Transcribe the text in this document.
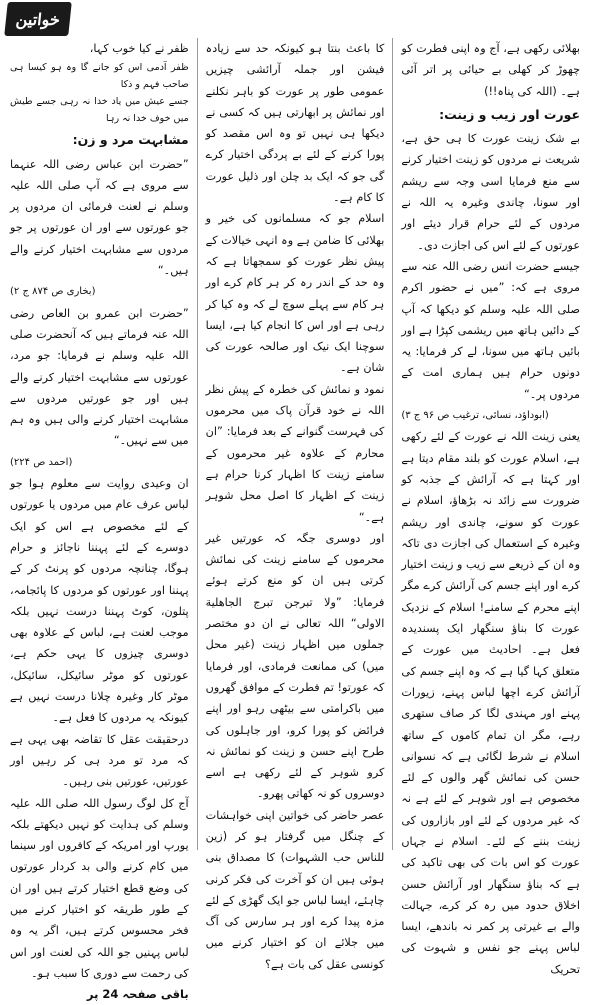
خواتین

بھلائی رکھی ہے، آج وہ اپنی فطرت کو چھوڑ کر کھلی بے حیائی پر اتر آئی ہے۔ (اللہ کی پناہ!!)

عورت اور زیب و زینت:

بے شک زینت عورت کا ہی حق ہے، شریعت نے مردوں کو زینت اختیار کرنے سے منع فرمایا اسی وجہ سے ریشم اور سونا، چاندی وغیرہ یہ اللہ نے مردوں کے لئے حرام قرار دیئے اور عورتوں کے لئے اس کی اجازت دی۔

جیسے حضرت انس رضی اللہ عنہ سے مروی ہے کہ: ”میں نے حضور اکرم صلی اللہ علیہ وسلم کو دیکھا کہ آپ کے دائیں ہاتھ میں ریشمی کپڑا ہے اور بائیں ہاتھ میں سونا، لے کر فرمایا: یہ دونوں حرام ہیں ہماری امت کے مردوں پر۔“

(ابوداؤد، نسائی، ترغیب ص ۹۶ ج ۳)

یعنی زینت اللہ نے عورت کے لئے رکھی ہے، اسلام عورت کو بلند مقام دیتا ہے اور کہتا ہے کہ آرائش کے جذبہ کو ضرورت سے زائد نہ بڑھاؤ، اسلام نے عورت کو سونے، چاندی اور ریشم وغیرہ کے استعمال کی اجازت دی تاکہ وہ ان کے ذریعے سے زیب و زینت اختیار کرے اور اپنے جسم کی آرائش کرے مگر اپنے محرم کے سامنے! اسلام کے نزدیک عورت کا بناؤ سنگھار ایک پسندیدہ فعل ہے۔ احادیث میں عورت کے متعلق کہا گیا ہے کہ وہ اپنے جسم کی آرائش کرے اچھا لباس پہنے، زیورات پہنے اور مہندی لگا کر صاف ستھری رہے، مگر ان تمام کاموں کے ساتھ اسلام نے شرط لگائی ہے کہ نسوانی حسن کی نمائش گھر والوں کے لئے مخصوص ہے اور شوہر کے لئے ہے نہ کہ غیر مردوں کے لئے اور بازاروں کی زینت بننے کے لئے۔ اسلام نے جہاں عورت کو اس بات کی بھی تاکید کی ہے کہ بناؤ سنگھار اور آرائش حسن اخلاق حدود میں رہ کر کرے، جہالت والے بے غیرتی پر کمر نہ باندھے، ایسا لباس پہنے جو نفس و شہوت کی تحریک

کا باعث بنتا ہو کیونکہ حد سے زیادہ فیشن اور جملہ آرائشی چیزیں عمومی طور پر عورت کو باہر نکلنے اور نمائش پر ابھارتی ہیں کہ کسی نے دیکھا ہی نہیں تو وہ اس مقصد کو پورا کرنے کے لئے بے پردگی اختیار کرے گی جو کہ ایک بد چلن اور ذلیل عورت کا کام ہے۔

اسلام جو کہ مسلمانوں کی خیر و بھلائی کا ضامن ہے وہ انہی خیالات کے پیش نظر عورت کو سمجھاتا ہے کہ وہ حد کے اندر رہ کر ہر کام کرے اور ہر کام سے پہلے سوچ لے کہ وہ کیا کر رہی ہے اور اس کا انجام کیا ہے، ایسا سوچنا ایک نیک اور صالحہ عورت کی شان ہے۔

نمود و نمائش کی خطرہ کے پیش نظر اللہ نے خود قرآن پاک میں محرموں کی فہرست گنوانے کے بعد فرمایا: ”ان محارم کے علاوہ غیر محرموں کے سامنے زینت کا اظہار کرنا حرام ہے زینت کے اظہار کا اصل محل شوہر ہے۔“

اور دوسری جگہ کہ عورتیں غیر محرموں کے سامنے زینت کی نمائش کرتی ہیں ان کو منع کرتے ہوئے فرمایا: ”ولا تبرجن تبرج الجاهلية الاولى“ اللہ تعالی نے ان دو مختصر جملوں میں اظہار زینت (غیر محل میں) کی ممانعت فرمادی، اور فرمایا کہ عورتو! تم فطرت کے موافق گھروں میں باکرامتی سے بیٹھی رہو اور اپنے فرائض کو پورا کرو، اور جاہلوں کی طرح اپنے حسن و زینت کو نمائش نہ کرو شوہر کے لئے رکھی ہے اسے دوسروں کو نہ کھاتی پھرو۔

عصر حاضر کی خواتین اپنی خواہشات کے چنگل میں گرفتار ہو کر (زین للناس حب الشہوات) کا مصداق بنی ہوئی ہیں ان کو آخرت کی فکر کرنی چاہئے، ایسا لباس جو ایک گھڑی کے لئے مزہ پیدا کرے اور ہر سارس کی آگ میں جلائے ان کو اختیار کرنے میں کونسی عقل کی بات ہے؟

ظفر نے کیا خوب کہا،

ظفر آدمی اس کو جانے گا وہ ہو کیسا ہی صاحب فہم و ذکا

جسے عیش میں یاد خدا نہ رہی جسے طیش میں خوف خدا نہ رہا

مشابہت مرد و زن:

”حضرت ابن عباس رضی اللہ عنہما سے مروی ہے کہ آپ صلی اللہ علیہ وسلم نے لعنت فرمائی ان مردوں پر جو عورتوں سے اور ان عورتوں پر جو مردوں سے مشابہت اختیار کرنے والے ہیں۔“

(بخاری ص ۸۷۴ ج ۲)

”حضرت ابن عمرو بن العاص رضی اللہ عنہ فرماتے ہیں کہ آنحضرت صلی اللہ علیہ وسلم نے فرمایا: جو مرد، عورتوں سے مشابہت اختیار کرنے والے ہیں اور جو عورتیں مردوں سے مشابہت اختیار کرنے والی ہیں وہ ہم میں سے نہیں۔“

(احمد ص ۲۲۴)

ان وعیدی روایت سے معلوم ہوا جو لباس عرف عام میں مردوں یا عورتوں کے لئے مخصوص ہے اس کو ایک دوسرے کے لئے پہننا ناجائز و حرام ہوگا، چنانچہ مردوں کو پرنٹ کر کے پہننا اور عورتوں کو مردوں کا پائجامہ، پتلون، کوٹ پہننا درست نہیں بلکہ موجب لعنت ہے، لباس کے علاوہ بھی دوسری چیزوں کا یہی حکم ہے، عورتوں کو موٹر سائیکل، سائیکل، موٹر کار وغیرہ چلانا درست نہیں ہے کیونکہ یہ مردوں کا فعل ہے۔

درحقیقت عقل کا تقاضہ بھی یہی ہے کہ مرد تو مرد ہی کر رہیں اور عورتیں، عورتیں بنی رہیں۔

آج کل لوگ رسول اللہ صلی اللہ علیہ وسلم کی ہدایت کو نہیں دیکھتے بلکہ یورپ اور امریکہ کے کافروں اور سینما میں کام کرنے والی بد کردار عورتوں کی وضع قطع اختیار کرتے ہیں اور ان کے طور طریقہ کو اختیار کرنے میں فخر محسوس کرتے ہیں، اگر یہ وہ لباس پہنیں جو اللہ کی لعنت اور اس کی رحمت سے دوری کا سبب ہو۔

باقی صفحہ 24 پر
